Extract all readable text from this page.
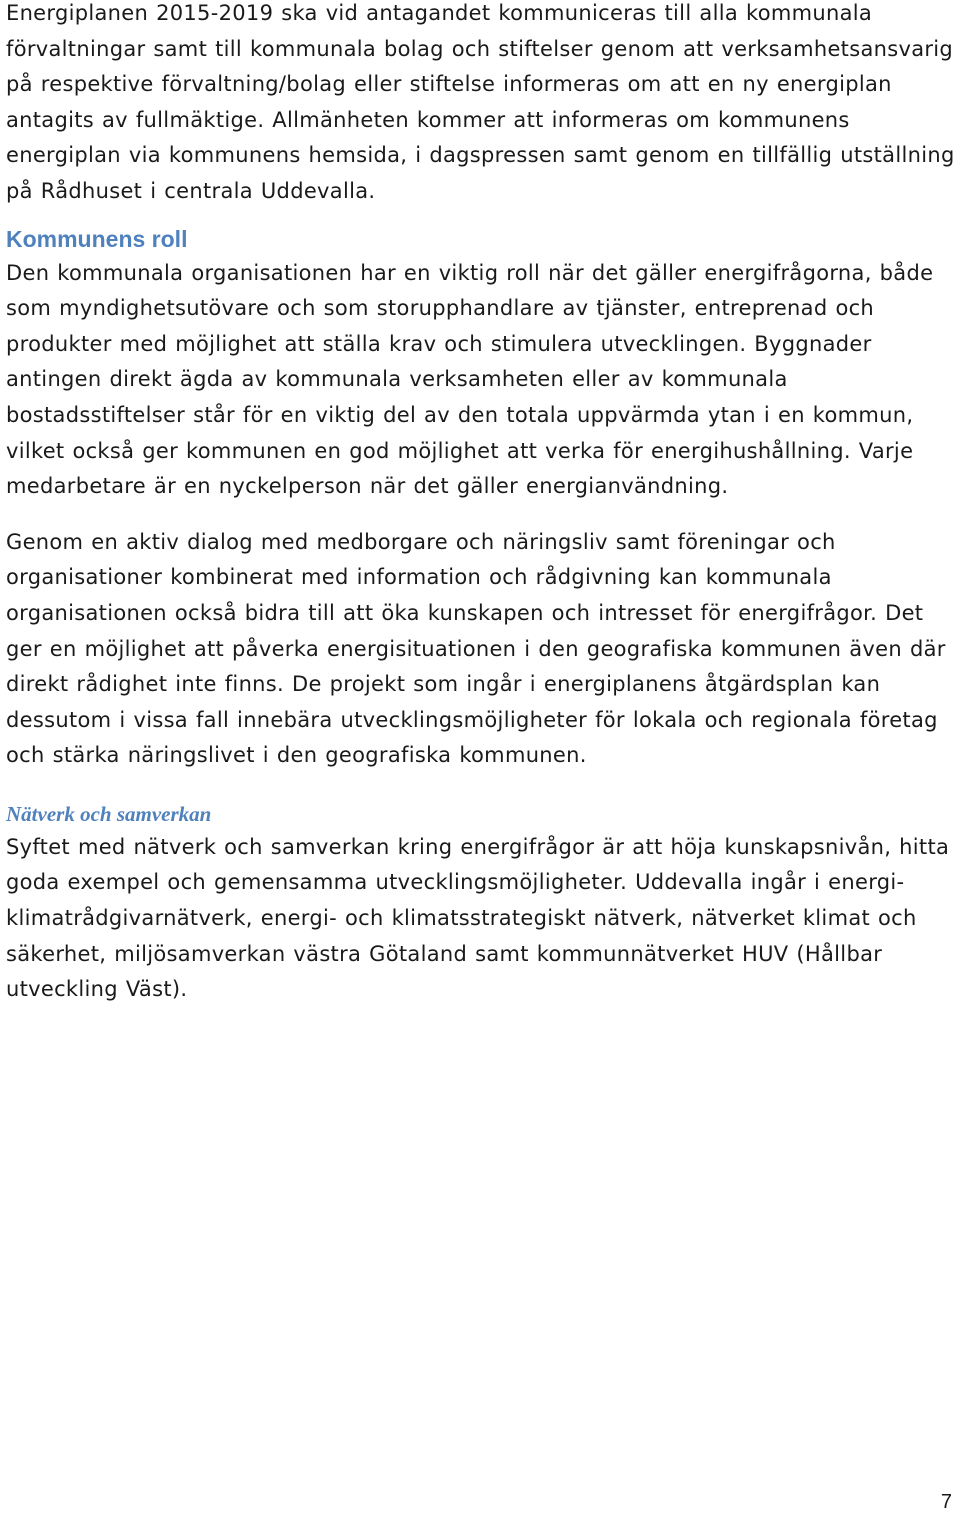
Energiplanen 2015-2019 ska vid antagandet kommuniceras till alla kommunala förvaltningar samt till kommunala bolag och stiftelser genom att verksamhetsansvarig på respektive förvaltning/bolag eller stiftelse informeras om att en ny energiplan antagits av fullmäktige. Allmänheten kommer att informeras om kommunens energiplan via kommunens hemsida, i dagspressen samt genom en tillfällig utställning på Rådhuset i centrala Uddevalla.

Kommunens roll

Den kommunala organisationen har en viktig roll när det gäller energifrågorna, både som myndighetsutövare och som storupphandlare av tjänster, entreprenad och produkter med möjlighet att ställa krav och stimulera utvecklingen. Byggnader antingen direkt ägda av kommunala verksamheten eller av kommunala bostadsstiftelser står för en viktig del av den totala uppvärmda ytan i en kommun, vilket också ger kommunen en god möjlighet att verka för energihushållning. Varje medarbetare är en nyckelperson när det gäller energianvändning.

Genom en aktiv dialog med medborgare och näringsliv samt föreningar och organisationer kombinerat med information och rådgivning kan kommunala organisationen också bidra till att öka kunskapen och intresset för energifrågor. Det ger en möjlighet att påverka energisituationen i den geografiska kommunen även där direkt rådighet inte finns. De projekt som ingår i energiplanens åtgärdsplan kan dessutom i vissa fall innebära utvecklingsmöjligheter för lokala och regionala företag och stärka näringslivet i den geografiska kommunen.

Nätverk och samverkan

Syftet med nätverk och samverkan kring energifrågor är att höja kunskapsnivån, hitta goda exempel och gemensamma utvecklingsmöjligheter. Uddevalla ingår i energi- klimatrådgivarnätverk, energi- och klimatsstrategiskt nätverk, nätverket klimat och säkerhet, miljösamverkan västra Götaland samt kommunnätverket HUV (Hållbar utveckling Väst).

7
